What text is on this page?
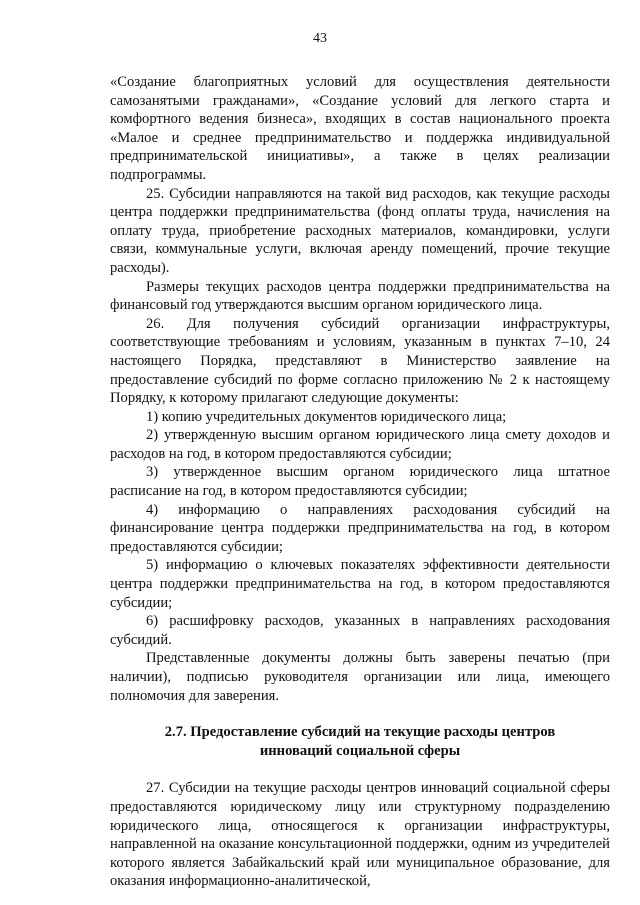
43

«Создание благоприятных условий для осуществления деятельности самозанятыми гражданами», «Создание условий для легкого старта и комфортного ведения бизнеса», входящих в состав национального проекта «Малое и среднее предпринимательство и поддержка индивидуальной предпринимательской инициативы», а также в целях реализации подпрограммы.

25. Субсидии направляются на такой вид расходов, как текущие расходы центра поддержки предпринимательства (фонд оплаты труда, начисления на оплату труда, приобретение расходных материалов, командировки, услуги связи, коммунальные услуги, включая аренду помещений, прочие текущие расходы).

Размеры текущих расходов центра поддержки предпринимательства на финансовый год утверждаются высшим органом юридического лица.

26. Для получения субсидий организации инфраструктуры, соответствующие требованиям и условиям, указанным в пунктах 7–10, 24 настоящего Порядка, представляют в Министерство заявление на предоставление субсидий по форме согласно приложению № 2 к настоящему Порядку, к которому прилагают следующие документы:

1) копию учредительных документов юридического лица;

2) утвержденную высшим органом юридического лица смету доходов и расходов на год, в котором предоставляются субсидии;

3) утвержденное высшим органом юридического лица штатное расписание на год, в котором предоставляются субсидии;

4) информацию о направлениях расходования субсидий на финансирование центра поддержки предпринимательства на год, в котором предоставляются субсидии;

5) информацию о ключевых показателях эффективности деятельности центра поддержки предпринимательства на год, в котором предоставляются субсидии;

6) расшифровку расходов, указанных в направлениях расходования субсидий.

Представленные документы должны быть заверены печатью (при наличии), подписью руководителя организации или лица, имеющего полномочия для заверения.

2.7. Предоставление субсидий на текущие расходы центров инноваций социальной сферы

27. Субсидии на текущие расходы центров инноваций социальной сферы предоставляются юридическому лицу или структурному подразделению юридического лица, относящегося к организации инфраструктуры, направленной на оказание консультационной поддержки, одним из учредителей которого является Забайкальский край или муниципальное образование, для оказания информационно-аналитической,
